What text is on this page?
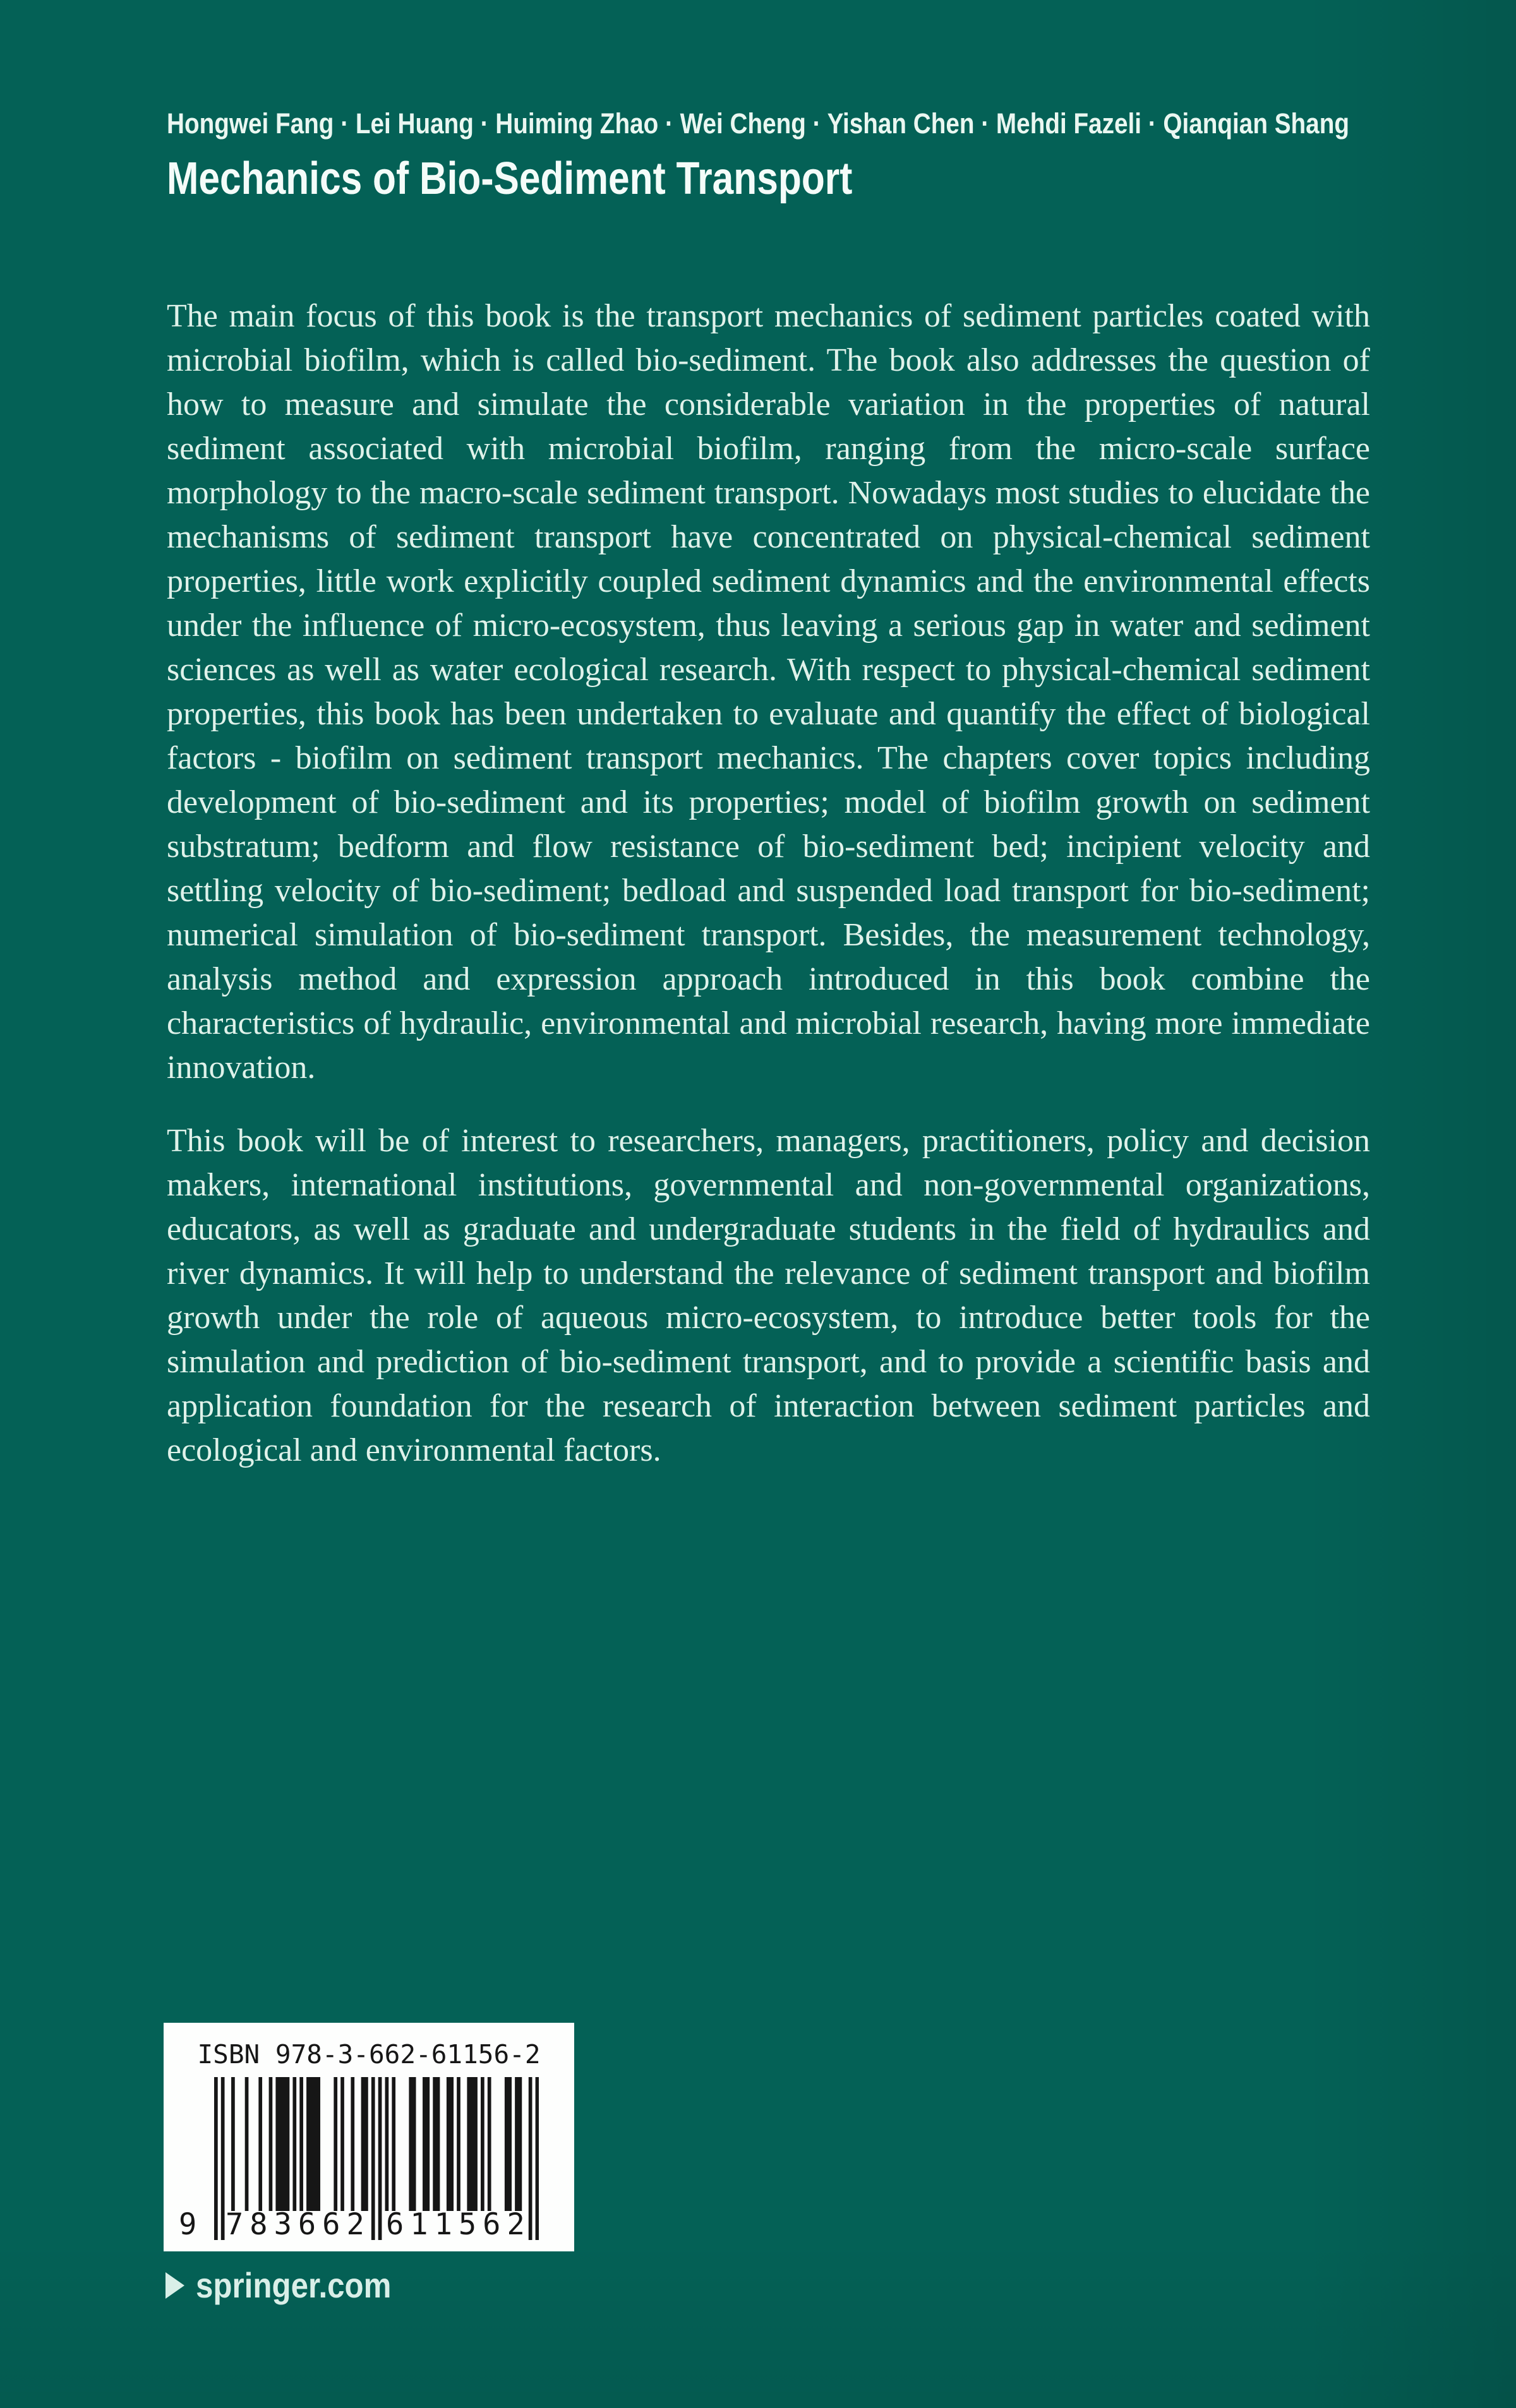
Hongwei Fang · Lei Huang · Huiming Zhao · Wei Cheng · Yishan Chen · Mehdi Fazeli · Qianqian Shang
Mechanics of Bio-Sediment Transport

The main focus of this book is the transport mechanics of sediment particles coated with microbial biofilm, which is called bio-sediment. The book also addresses the question of how to measure and simulate the considerable variation in the properties of natural sediment associated with microbial biofilm, ranging from the micro-scale surface morphology to the macro-scale sediment transport. Nowadays most studies to elucidate the mechanisms of sediment transport have concentrated on physical-chemical sediment properties, little work explicitly coupled sediment dynamics and the environmental effects under the influence of micro-ecosystem, thus leaving a serious gap in water and sediment sciences as well as water ecological research. With respect to physical-chemical sediment properties, this book has been undertaken to evaluate and quantify the effect of biological factors - biofilm on sediment transport mechanics. The chapters cover topics including development of bio-sediment and its properties; model of biofilm growth on sediment substratum; bedform and flow resistance of bio-sediment bed; incipient velocity and settling velocity of bio-sediment; bedload and suspended load transport for bio-sediment; numerical simulation of bio-sediment transport. Besides, the measurement technology, analysis method and expression approach introduced in this book combine the characteristics of hydraulic, environmental and microbial research, having more immediate innovation.

This book will be of interest to researchers, managers, practitioners, policy and decision makers, international institutions, governmental and non-governmental organizations, educators, as well as graduate and undergraduate students in the field of hydraulics and river dynamics. It will help to understand the relevance of sediment transport and biofilm growth under the role of aqueous micro-ecosystem, to introduce better tools for the simulation and prediction of bio-sediment transport, and to provide a scientific basis and application foundation for the research of interaction between sediment particles and ecological and environmental factors.

ISBN 978-3-662-61156-2
9 783662 611562
springer.com
